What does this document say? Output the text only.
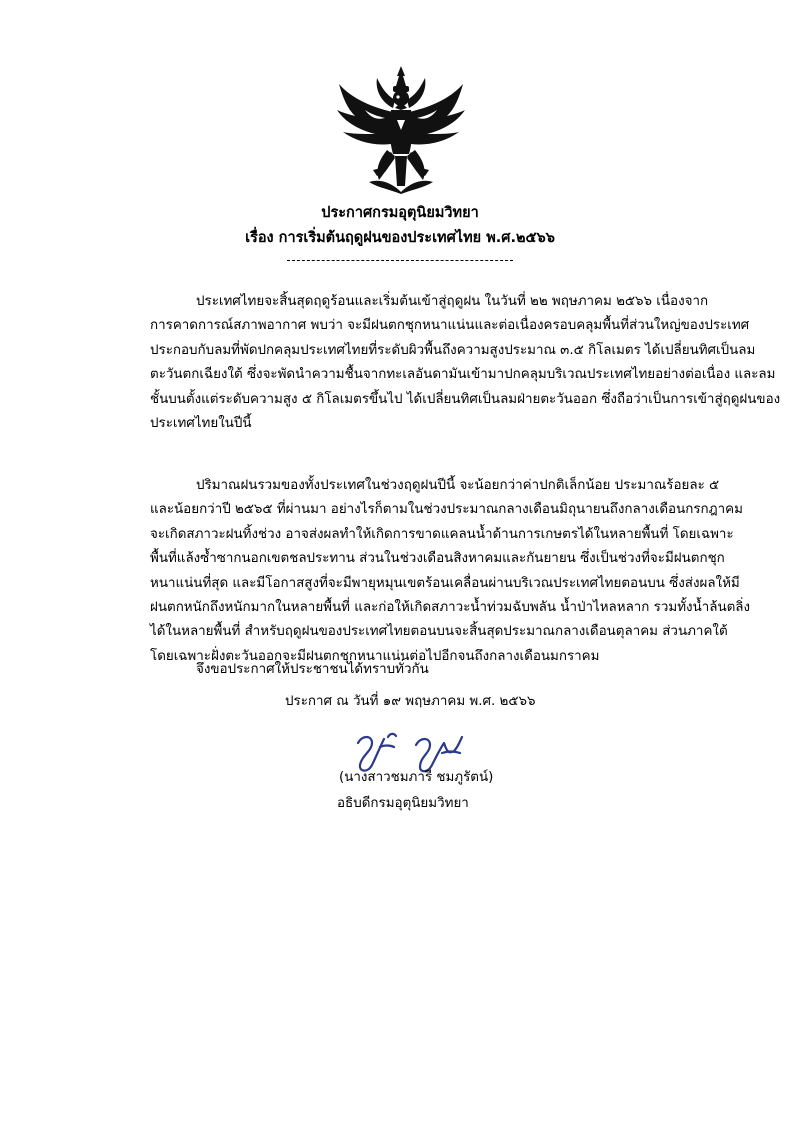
ประกาศกรมอุตุนิยมวิทยา
เรื่อง การเริ่มต้นฤดูฝนของประเทศไทย พ.ศ.๒๕๖๖

ประเทศไทยจะสิ้นสุดฤดูร้อนและเริ่มต้นเข้าสู่ฤดูฝน ในวันที่ ๒๒ พฤษภาคม ๒๕๖๖ เนื่องจาก

การคาดการณ์สภาพอากาศ พบว่า จะมีฝนตกชุกหนาแน่นและต่อเนื่องครอบคลุมพื้นที่ส่วนใหญ่ของประเทศ

ประกอบกับลมที่พัดปกคลุมประเทศไทยที่ระดับผิวพื้นถึงความสูงประมาณ ๓.๕ กิโลเมตร ได้เปลี่ยนทิศเป็นลม

ตะวันตกเฉียงใต้ ซึ่งจะพัดนำความชื้นจากทะเลอันดามันเข้ามาปกคลุมบริเวณประเทศไทยอย่างต่อเนื่อง และลม

ชั้นบนตั้งแต่ระดับความสูง ๕ กิโลเมตรขึ้นไป ได้เปลี่ยนทิศเป็นลมฝ่ายตะวันออก ซึ่งถือว่าเป็นการเข้าสู่ฤดูฝนของ

ประเทศไทยในปีนี้

ปริมาณฝนรวมของทั้งประเทศในช่วงฤดูฝนปีนี้ จะน้อยกว่าค่าปกติเล็กน้อย ประมาณร้อยละ ๕

และน้อยกว่าปี ๒๕๖๕ ที่ผ่านมา อย่างไรก็ตามในช่วงประมาณกลางเดือนมิถุนายนถึงกลางเดือนกรกฎาคม

จะเกิดสภาวะฝนทิ้งช่วง อาจส่งผลทำให้เกิดการขาดแคลนน้ำด้านการเกษตรได้ในหลายพื้นที่ โดยเฉพาะ

พื้นที่แล้งซ้ำซากนอกเขตชลประทาน ส่วนในช่วงเดือนสิงหาคมและกันยายน ซึ่งเป็นช่วงที่จะมีฝนตกชุก

หนาแน่นที่สุด และมีโอกาสสูงที่จะมีพายุหมุนเขตร้อนเคลื่อนผ่านบริเวณประเทศไทยตอนบน ซึ่งส่งผลให้มี

ฝนตกหนักถึงหนักมากในหลายพื้นที่ และก่อให้เกิดสภาวะน้ำท่วมฉับพลัน น้ำป่าไหลหลาก รวมทั้งน้ำล้นตลิ่ง

ได้ในหลายพื้นที่ สำหรับฤดูฝนของประเทศไทยตอนบนจะสิ้นสุดประมาณกลางเดือนตุลาคม ส่วนภาคใต้

โดยเฉพาะฝั่งตะวันออกจะมีฝนตกชุกหนาแน่นต่อไปอีกจนถึงกลางเดือนมกราคม

จึงขอประกาศให้ประชาชนได้ทราบทั่วกัน

ประกาศ ณ วันที่ ๑๙ พฤษภาคม พ.ศ. ๒๕๖๖
(นางสาวชมภารี ชมภูรัตน์)
อธิบดีกรมอุตุนิยมวิทยา
